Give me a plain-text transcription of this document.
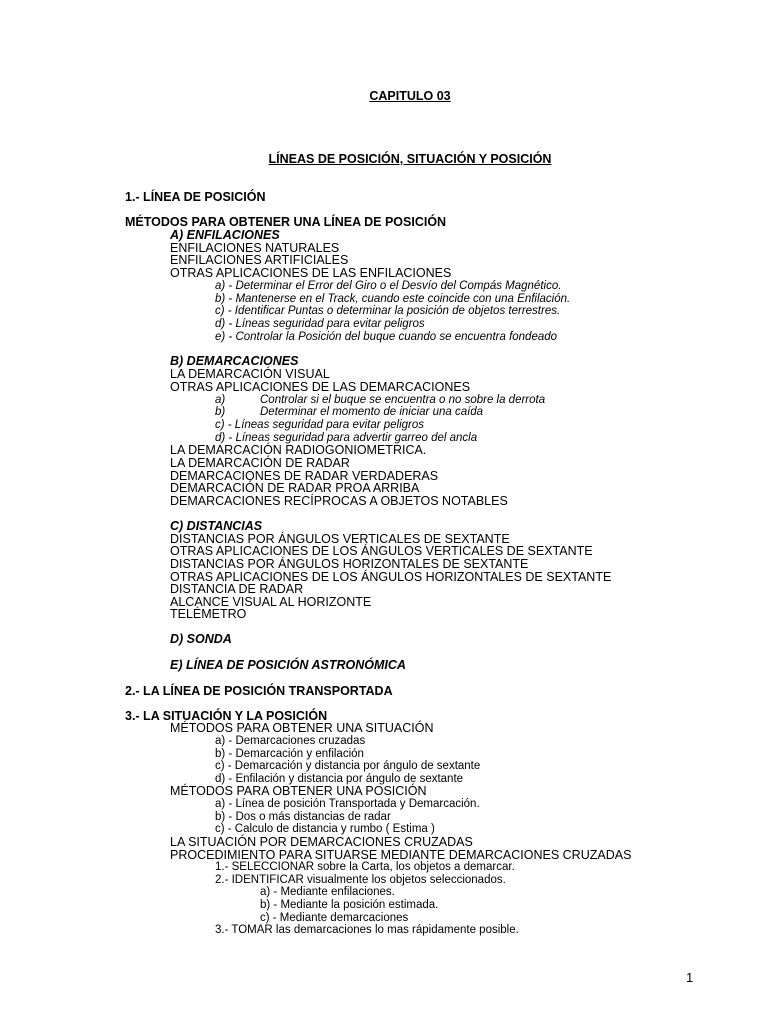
CAPITULO 03
LÍNEAS DE POSICIÓN, SITUACIÓN Y POSICIÓN
1.- LÍNEA DE POSICIÓN
MÉTODOS PARA OBTENER UNA LÍNEA DE POSICIÓN
A) ENFILACIONES
ENFILACIONES NATURALES
ENFILACIONES ARTIFICIALES
OTRAS APLICACIONES DE LAS ENFILACIONES
a) - Determinar el Error del Giro o el Desvío del Compás Magnético.
b) - Mantenerse en el Track, cuando este coincide con una Enfilación.
c) - Identificar Puntas o determinar la posición de objetos terrestres.
d) - Líneas seguridad para evitar peligros
e) - Controlar la Posición del buque cuando se encuentra fondeado
B) DEMARCACIONES
LA DEMARCACIÓN VISUAL
OTRAS APLICACIONES DE LAS DEMARCACIONES
a)	Controlar si el buque se encuentra o no sobre la derrota
b)	Determinar el momento de iniciar una caída
c) - Líneas seguridad para evitar peligros
d) - Líneas seguridad para advertir garreo del ancla
LA DEMARCACIÓN RADIOGONIOMETRICA.
LA DEMARCACIÓN DE RADAR
DEMARCACIONES DE RADAR VERDADERAS
DEMARCACIÓN DE RADAR PROA ARRIBA
DEMARCACIONES RECÍPROCAS A OBJETOS NOTABLES
C) DISTANCIAS
DISTANCIAS POR ÁNGULOS VERTICALES DE SEXTANTE
OTRAS APLICACIONES DE LOS ÁNGULOS VERTICALES DE SEXTANTE
DISTANCIAS POR ÁNGULOS HORIZONTALES DE SEXTANTE
OTRAS APLICACIONES DE LOS ÁNGULOS HORIZONTALES DE SEXTANTE
DISTANCIA DE RADAR
ALCANCE VISUAL AL HORIZONTE
TELÉMETRO
D) SONDA
E) LÍNEA DE POSICIÓN ASTRONÓMICA
2.- LA LÍNEA DE POSICIÓN TRANSPORTADA
3.- LA SITUACIÓN Y LA POSICIÓN
MÉTODOS PARA OBTENER UNA SITUACIÓN
a) - Demarcaciones cruzadas
b) - Demarcación y enfilación
c) - Demarcación y distancia por ángulo de sextante
d) - Enfilación y distancia por ángulo de sextante
MÉTODOS PARA OBTENER UNA POSICIÓN
a) - Línea de posición Transportada y Demarcación.
b) - Dos o más distancias de radar
c) - Calculo de distancia y rumbo ( Estima )
LA SITUACIÓN POR DEMARCACIONES CRUZADAS
PROCEDIMIENTO PARA SITUARSE MEDIANTE DEMARCACIONES CRUZADAS
1.- SELECCIONAR sobre la Carta, los objetos a demarcar.
2.- IDENTIFICAR visualmente los objetos seleccionados.
a) - Mediante enfilaciones.
b) - Mediante la posición estimada.
c) - Mediante demarcaciones
3.- TOMAR las demarcaciones lo mas rápidamente posible.
1
